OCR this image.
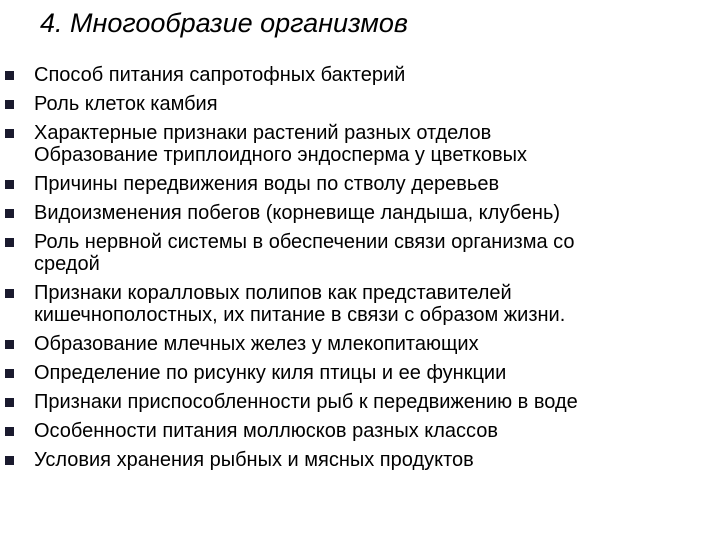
4. Многообразие организмов
Способ питания сапротофных бактерий
Роль клеток камбия
Характерные признаки растений разных отделов
Образование триплоидного эндосперма у цветковых
Причины передвижения воды по стволу деревьев
Видоизменения побегов (корневище ландыша, клубень)
Роль нервной системы в обеспечении связи организма со
средой
Признаки коралловых полипов как представителей
кишечнополостных, их питание в связи с образом жизни.
Образование млечных желез у млекопитающих
Определение по рисунку киля птицы и ее функции
Признаки приспособленности рыб к передвижению в воде
Особенности питания моллюсков разных классов
Условия хранения рыбных и мясных продуктов
